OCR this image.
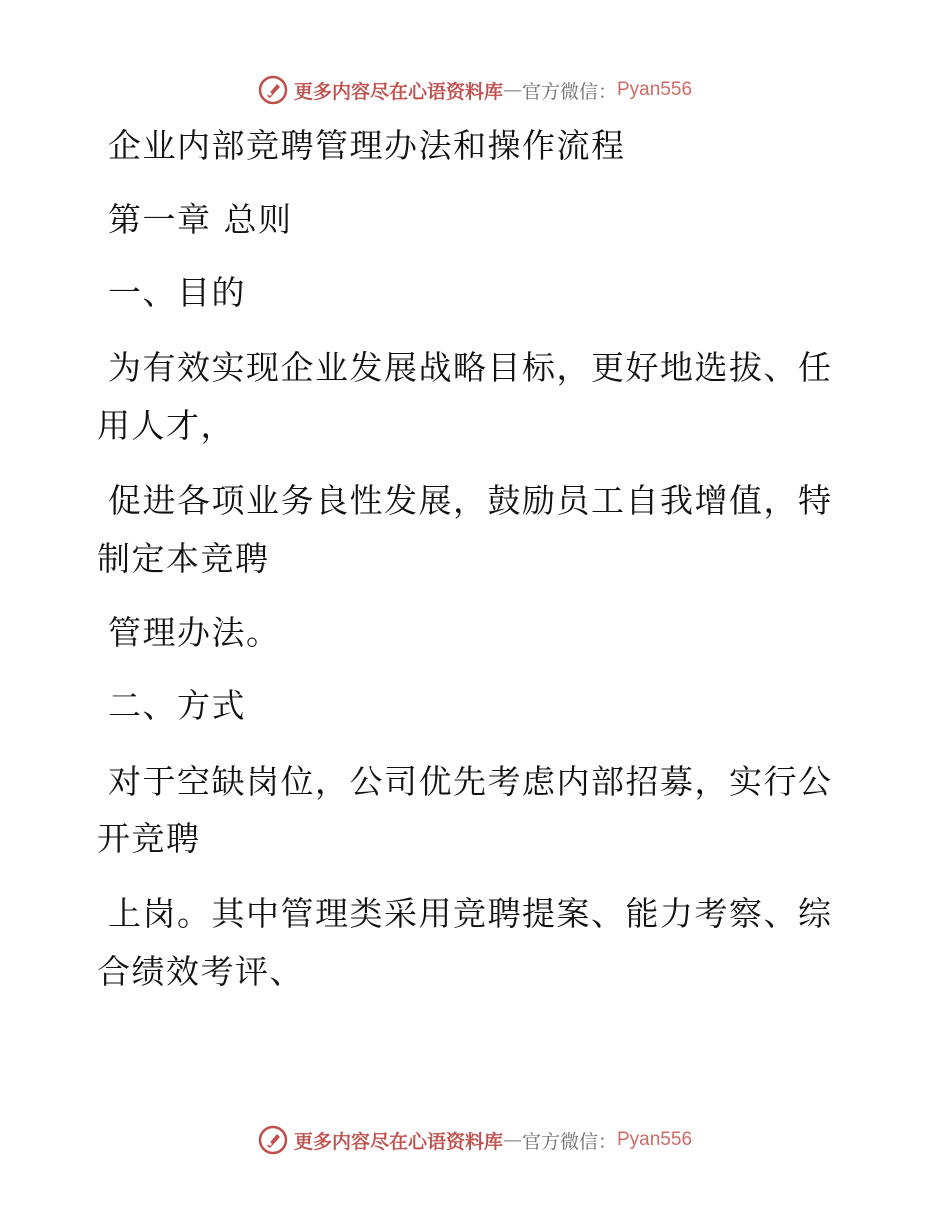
更多内容尽在心语资料库 — 官方微信： Pyan556
企业内部竞聘管理办法和操作流程
第一章 总则
一、目的
为有效实现企业发展战略目标，更好地选拔、任
用人才，
促进各项业务良性发展，鼓励员工自我增值，特
制定本竞聘
管理办法。
二、方式
对于空缺岗位，公司优先考虑内部招募，实行公
开竞聘
上岗。其中管理类采用竞聘提案、能力考察、综
合绩效考评、
更多内容尽在心语资料库 — 官方微信： Pyan556
